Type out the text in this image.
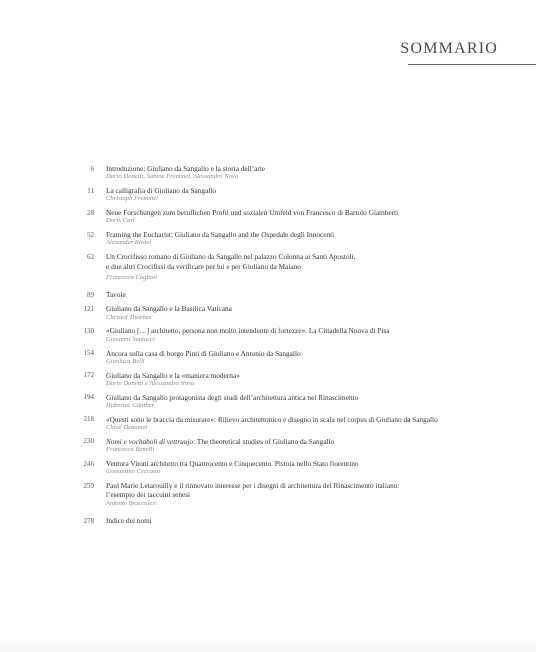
SOMMARIO
6 Introduzione: Giuliano da Sangallo e la storia dell’arte
Dario Donetti, Sabine Frommel, Alessandro Nova
11 La calligrafia di Giuliano da Sangallo
Christoph Frommel
28 Neue Forschungen zum beruflichen Profil und sozialen Umfeld von Francesco di Bartolo Giamberti
Doris Carl
52 Framing the Eucharist: Giuliano da Sangallo and the Ospedale degli Innocenti
Alexander Röstel
62 Un Crocifisso romano di Giuliano da Sangallo nel palazzo Colonna ai Santi Apostoli,
e due altri Crocifissi da verificare per lui e per Giuliano da Maiano
Francesco Caglioti
89 Tavole
121 Giuliano da Sangallo e la Basilica Vaticana
Christof Thoenes
130 «Giuliano […] architetto, persona non molto intendente di fortezze». La Cittadella Nuova di Pisa
Giovanni Santucci
154 Ancora sulla casa di borgo Pinti di Giuliano e Antonio da Sangallo
Gianluca Belli
172 Giuliano da Sangallo e la «maniera moderna»
Dario Donetti e Alessandro Nova
194 Giuliano da Sangallo protagonista degli studi dell’architettura antica nel Rinascimento
Hubertus Günther
218 «Questi sono le braccia da misurare»: Rilievo architettonico e disegno in scala nel corpus di Giuliano da Sangallo
Chloé Demonet
230 Nomi e vochaboli di vettruujo: The theoretical studies of Giuliano da Sangallo
Francesco Benelli
246 Ventura Vitoni architetto tra Quattrocento e Cinquecento. Pistoia nello Stato fiorentino
Costantino Ceccanti
259 Paul Marie Letarouilly e il rinnovato interesse per i disegni di architettura del Rinascimento italiano:
l’esempio dei taccuini senesi
Antonio Brucculeri
278 Indice dei nomi
